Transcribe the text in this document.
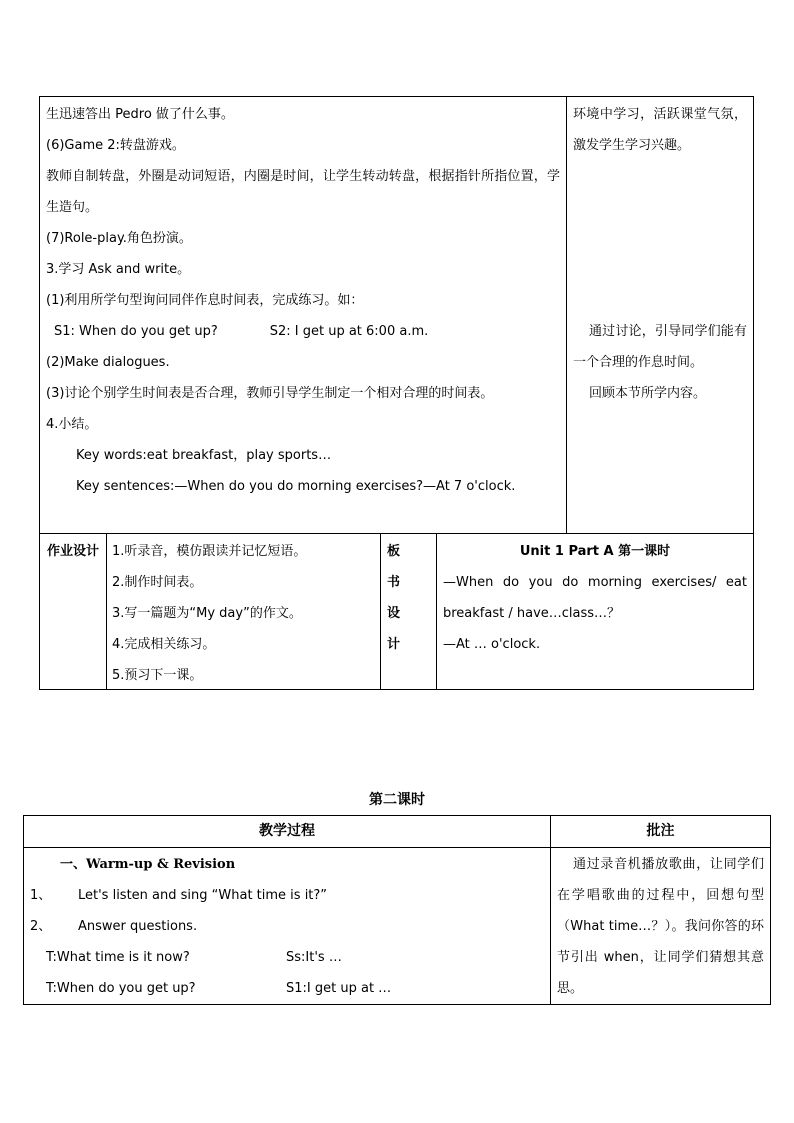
生迅速答出 Pedro 做了什么事。
(6)Game 2:转盘游戏。
教师自制转盘，外圈是动词短语，内圈是时间，让学生转动转盘，根据指针所指位置，学生造句。
(7)Role-play.角色扮演。
3.学习 Ask and write。
(1)利用所学句型询问同伴作息时间表，完成练习。如：
S1: When do you get up?	S2: I get up at 6:00 a.m.
(2)Make dialogues.
(3)讨论个别学生时间表是否合理，教师引导学生制定一个相对合理的时间表。
4.小结。
Key words:eat breakfast，play sports…
Key sentences:—When do you do morning exercises?—At 7 o'clock.
环境中学习，活跃课堂气氛，激发学生学习兴趣。
通过讨论，引导同学们能有一个合理的作息时间。
回顾本节所学内容。
作业设计 1.听录音，模仿跟读并记忆短语。
2.制作时间表。
3.写一篇题为“My day”的作文。
4.完成相关练习。
5.预习下一课。
板书设计
Unit 1 Part A 第一课时
—When do you do morning exercises/ eat breakfast / have…class…？
—At … o'clock.
第二课时
教学过程	批注
一、Warm-up & Revision
1、 Let's listen and sing “What time is it?”
2、 Answer questions.
T:What time is it now?	Ss:It's …
T:When do you get up?	S1:I get up at …
通过录音机播放歌曲，让同学们在学唱歌曲的过程中，回想句型（What time…？）。我问你答的环节引出 when，让同学们猜想其意思。
